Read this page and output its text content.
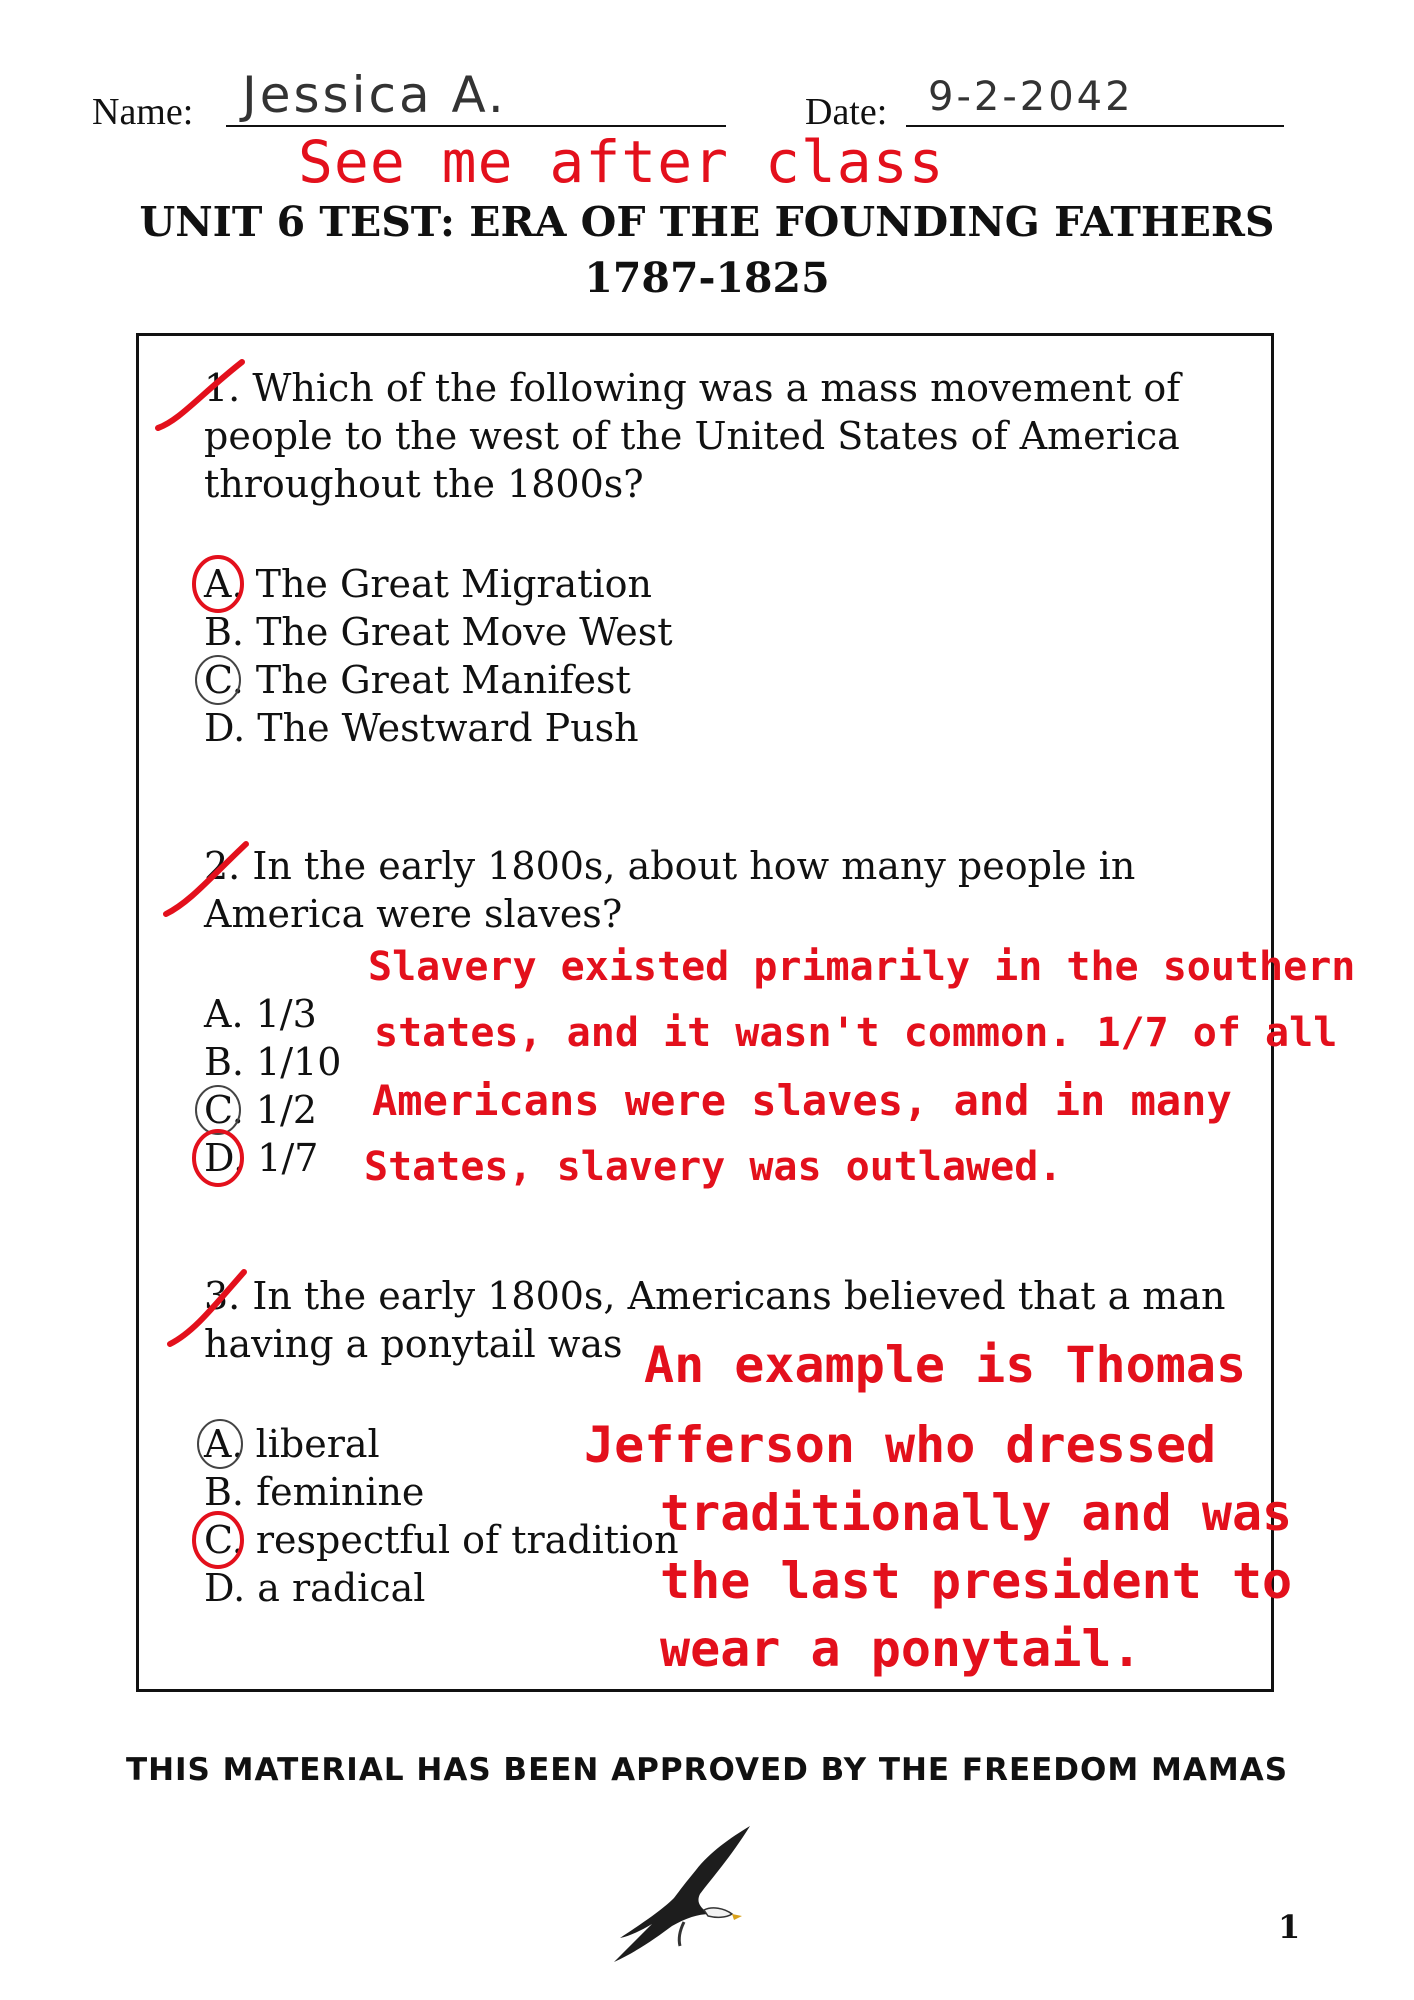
Name: Jessica A.	Date: 9-2-2042
See me after class
UNIT 6 TEST: ERA OF THE FOUNDING FATHERS
1787-1825
1. Which of the following was a mass movement of
people to the west of the United States of America
throughout the 1800s?
A. The Great Migration
B. The Great Move West
C. The Great Manifest
D. The Westward Push
2. In the early 1800s, about how many people in
America were slaves?
A. 1/3
B. 1/10
C. 1/2
D. 1/7
Slavery existed primarily in the southern
states, and it wasn't common. 1/7 of all
Americans were slaves, and in many
States, slavery was outlawed.
3. In the early 1800s, Americans believed that a man
having a ponytail was
A. liberal
B. feminine
C. respectful of tradition
D. a radical
An example is Thomas
Jefferson who dressed
traditionally and was
the last president to
wear a ponytail.
THIS MATERIAL HAS BEEN APPROVED BY THE FREEDOM MAMAS
1
